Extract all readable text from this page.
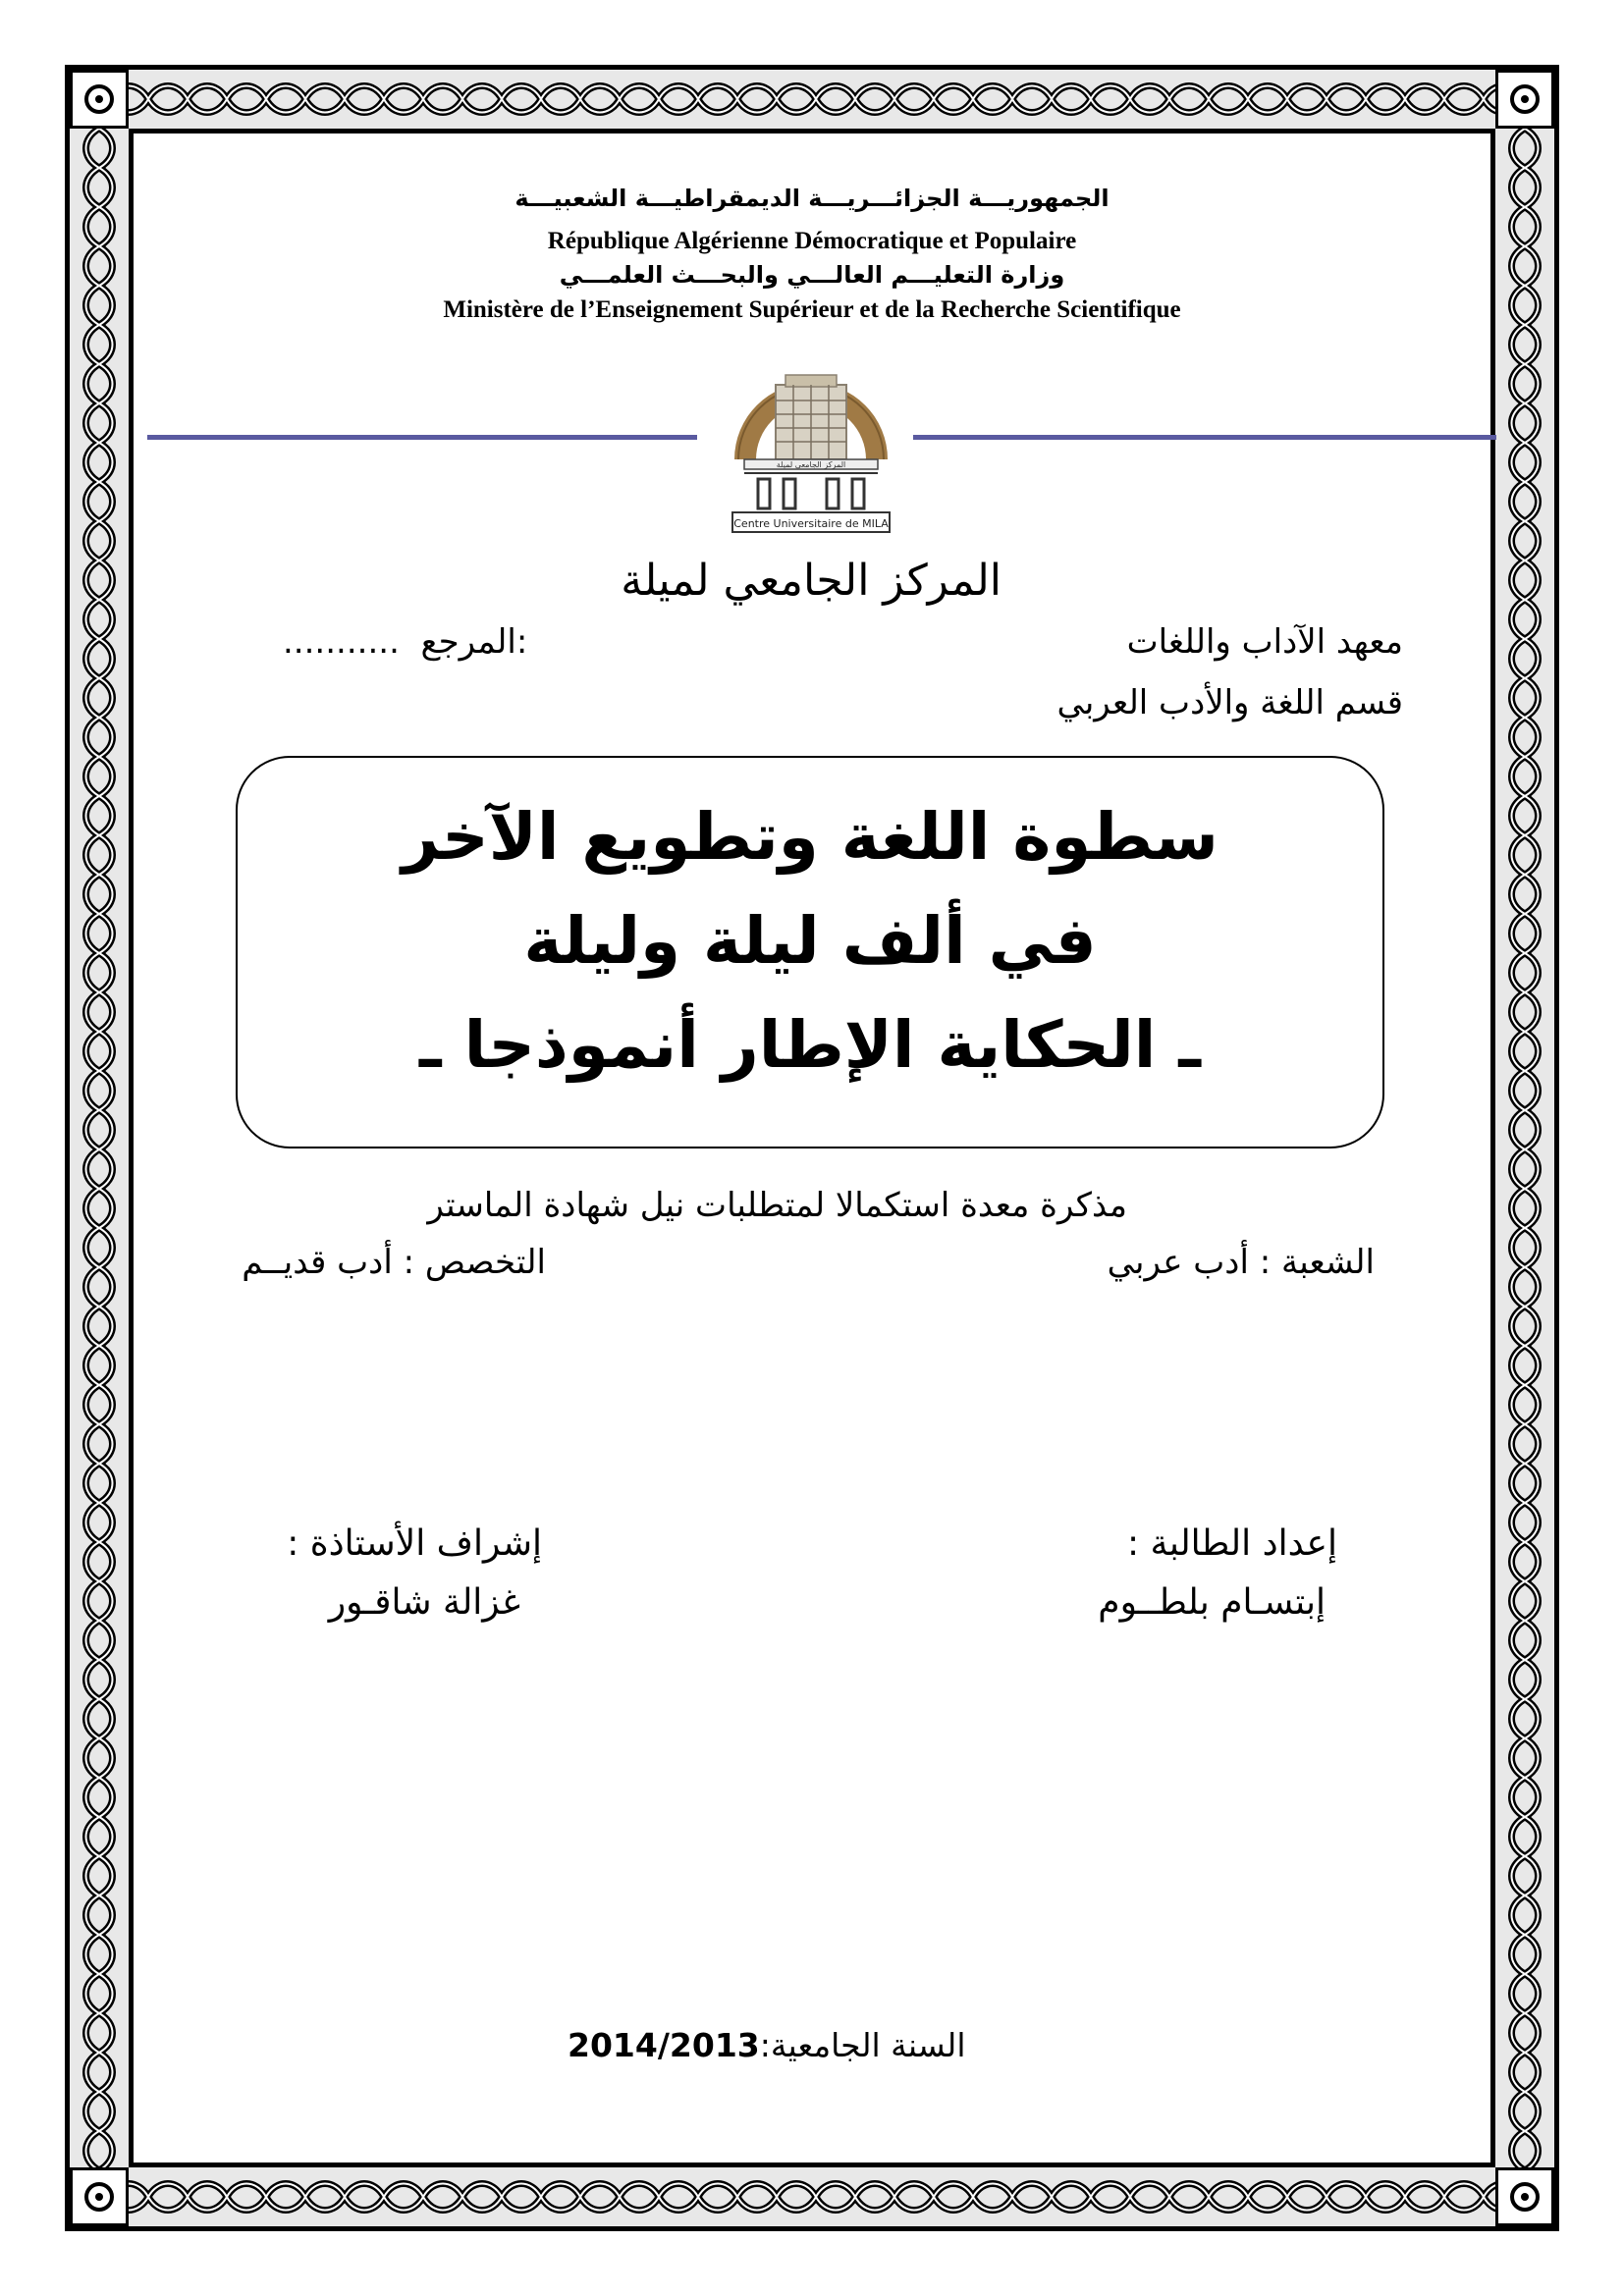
الجمهوريـــة الجزائـــريـــة الديمقراطيـــة الشعبيـــة
République Algérienne Démocratique et Populaire
وزارة التعليـــم العالـــي والبحـــث العلمـــي
Ministère de l’Enseignement Supérieur et de la Recherche Scientifique
المركز الجامعي لميلة
Centre Universitaire de MILA
المركز الجامعي لميلة
معهد الآداب واللغات
قسم اللغة والأدب العربي
........... المرجع:
سطوة اللغة وتطويع الآخر
في ألف ليلة وليلة
ـ الحكاية الإطار أنموذجا ـ
مذكرة معدة استكمالا لمتطلبات نيل شهادة الماستر
الشعبة : أدب عربي
التخصص : أدب قديــم
إعداد الطالبة :
إبتسـام بلطــوم
إشراف الأستاذة :
غزالة شاقـور
2014/2013السنة الجامعية:
